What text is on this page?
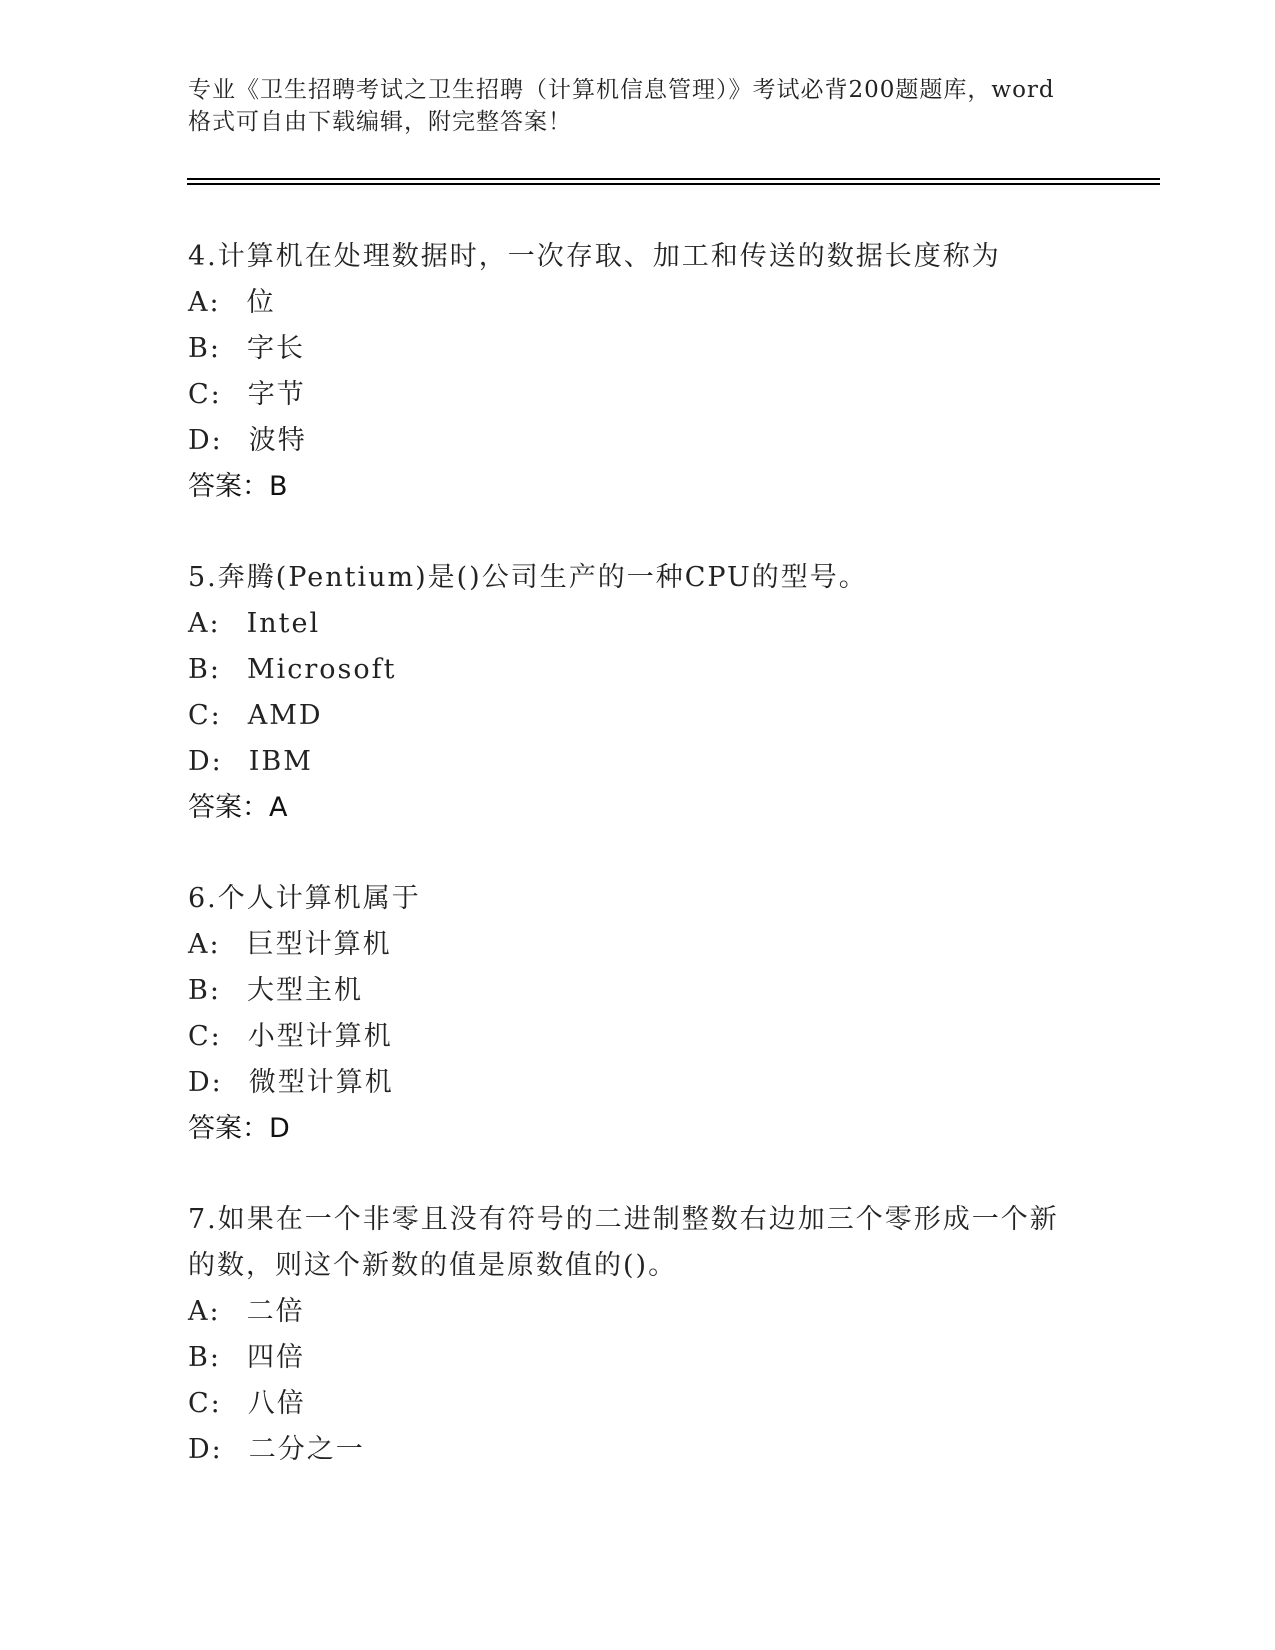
专业《卫生招聘考试之卫生招聘（计算机信息管理）》考试必背200题题库，word
格式可自由下载编辑，附完整答案！

4.计算机在处理数据时，一次存取、加工和传送的数据长度称为

A: 位

B: 字长

C: 字节

D: 波特

答案：B

5.奔腾(Pentium)是()公司生产的一种CPU的型号。

A: Intel

B: Microsoft

C: AMD

D: IBM

答案：A

6.个人计算机属于

A: 巨型计算机

B: 大型主机

C: 小型计算机

D: 微型计算机

答案：D

7.如果在一个非零且没有符号的二进制整数右边加三个零形成一个新

的数，则这个新数的值是原数值的()。

A: 二倍

B: 四倍

C: 八倍

D: 二分之一
